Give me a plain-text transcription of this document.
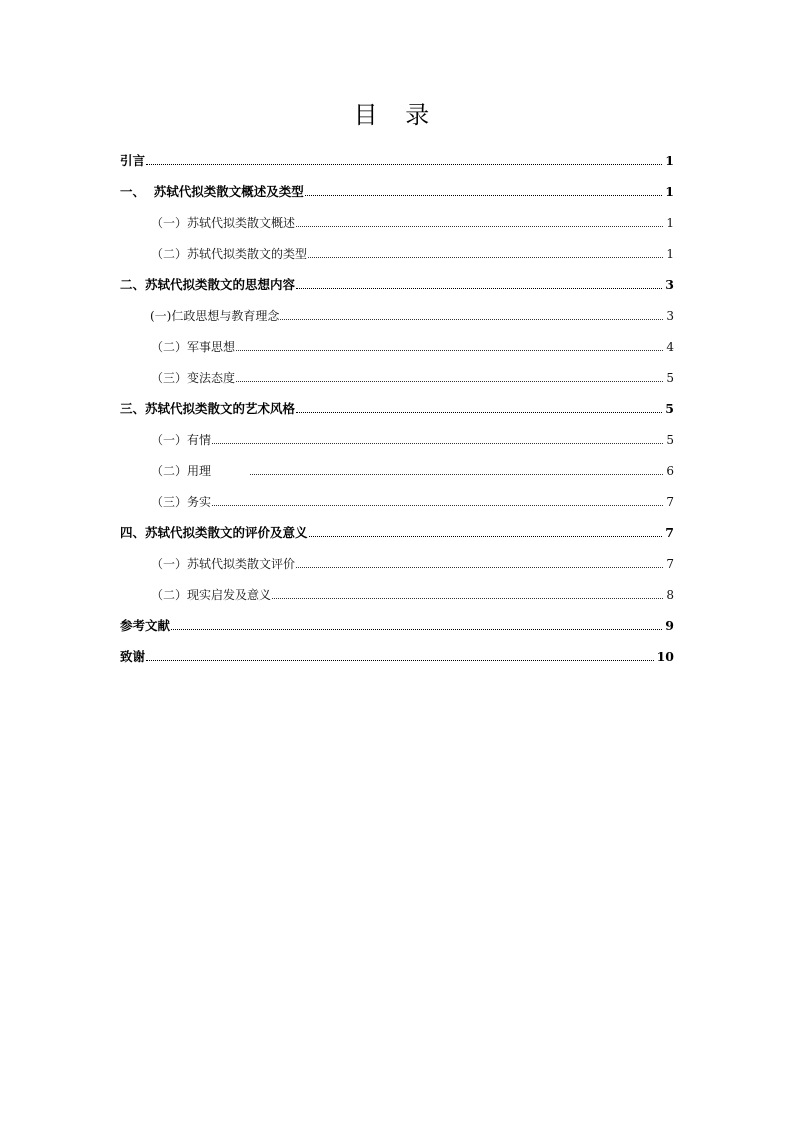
目 录
引言	1
一、  苏轼代拟类散文概述及类型	1
（一）苏轼代拟类散文概述	1
（二）苏轼代拟类散文的类型	1
二、苏轼代拟类散文的思想内容	3
(一)仁政思想与教育理念	3
（二）军事思想	4
（三）变法态度	5
三、苏轼代拟类散文的艺术风格	5
（一）有情	5
（二）用理	6
（三）务实	7
四、苏轼代拟类散文的评价及意义	7
（一）苏轼代拟类散文评价	7
（二）现实启发及意义	8
参考文献	9
致谢	10
